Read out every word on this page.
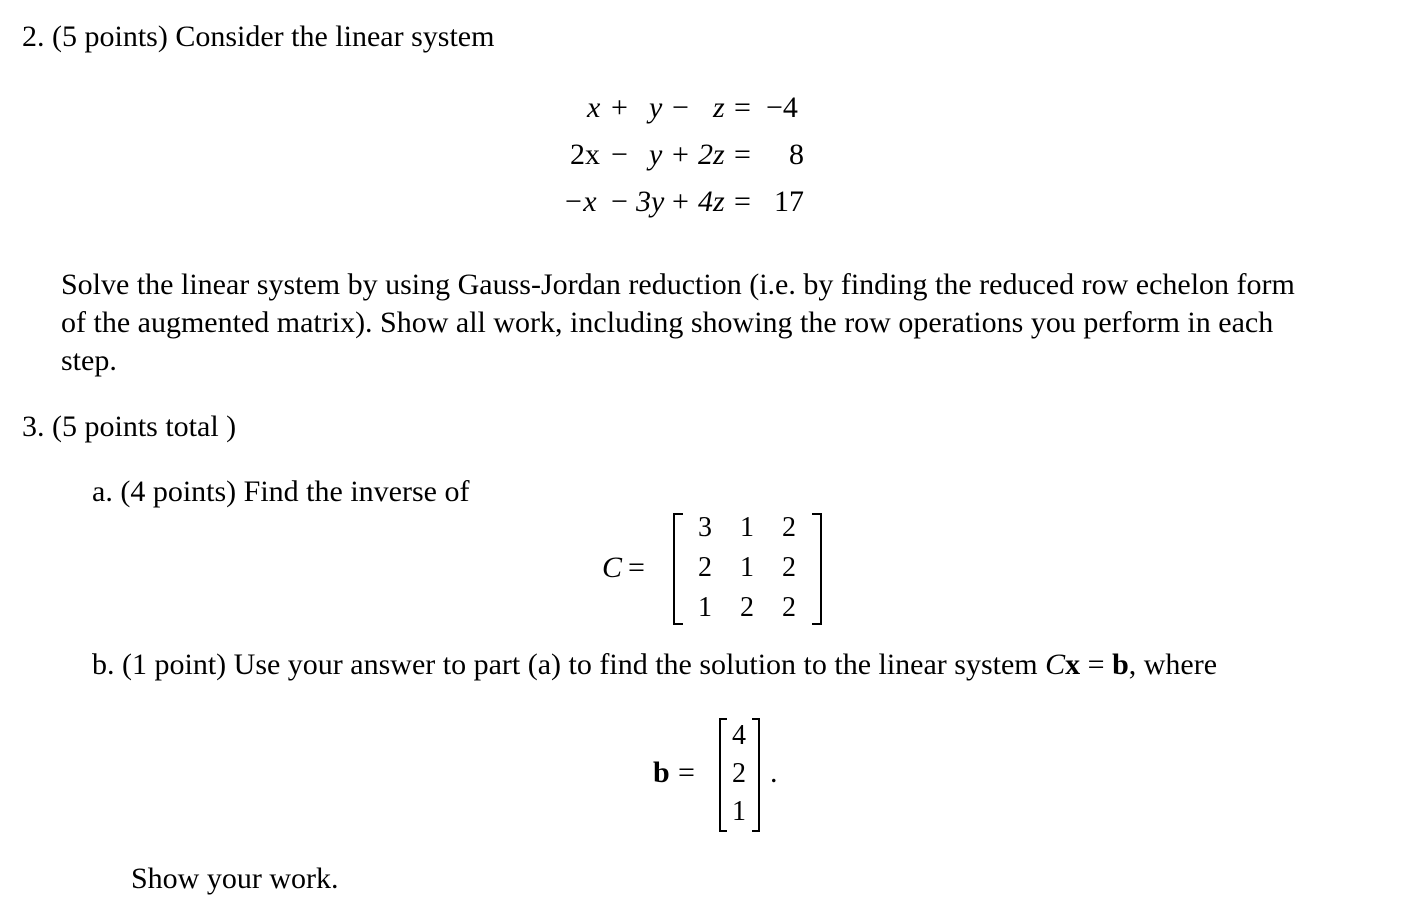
2. (5 points) Consider the linear system
x + y − z = −4
2x − y + 2z = 8
−x − 3y + 4z = 17
Solve the linear system by using Gauss-Jordan reduction (i.e. by finding the reduced row echelon form of the augmented matrix). Show all work, including showing the row operations you perform in each step.
3. (5 points total )
a. (4 points) Find the inverse of
C =
3 1 2
2 1 2
1 2 2
b. (1 point) Use your answer to part (a) to find the solution to the linear system Cx = b, where
b =
4
2
1
.
Show your work.
